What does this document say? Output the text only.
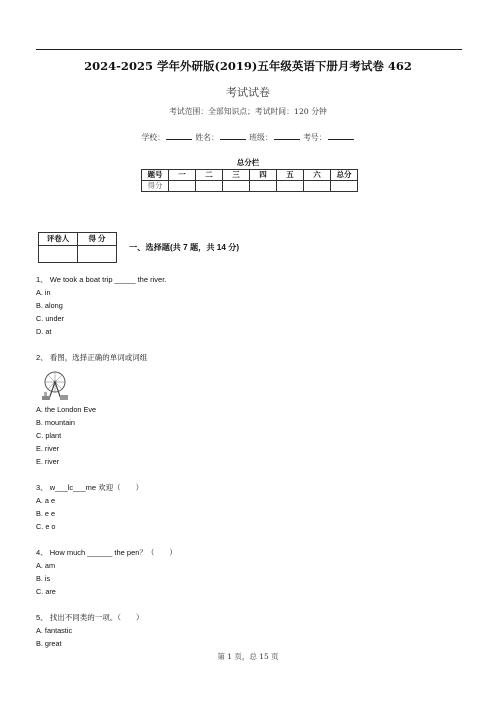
2024-2025 学年外研版(2019)五年级英语下册月考试卷 462
考试试卷
考试范围：全部知识点；考试时间：120 分钟
学校：	姓名：	班级：	考号：
总分栏
题号	一	二	三	四	五	六	总分
得分							
评卷人	得 分

一、选择题(共 7 题，共 14 分)
1、 We took a boat trip _____ the river.
A. in
B. along
C. under
D. at
2、 看图，选择正确的单词或词组
A. the London Eve
B. mountain
C. plant
E. river
E. river
3、 w___lc___me 欢迎（　　）
A. a e
B. e e
C. e o
4、 How much ______ the pen？（　　）
A. am
B. is
C. are
5、 找出不同类的一项。（　　）
A. fantastic
B. great
第 1 页，总 15 页
